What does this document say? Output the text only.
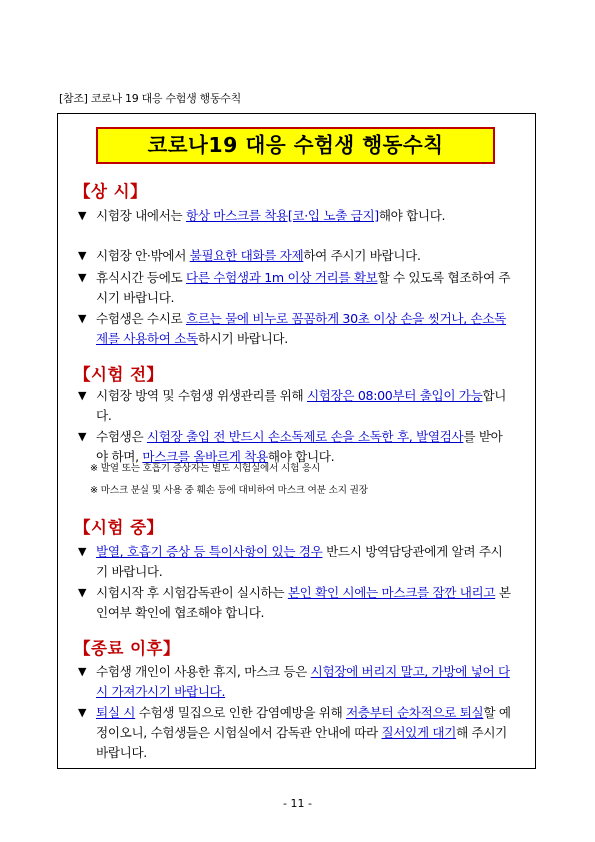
[참조] 코로나 19 대응 수험생 행동수칙
코로나19 대응 수험생 행동수칙
【상 시】
▼ 시험장 내에서는 항상 마스크를 착용[코·입 노출 금지]해야 합니다.
▼ 시험장 안·밖에서 불필요한 대화를 자제하여 주시기 바랍니다.
▼ 휴식시간 등에도 다른 수험생과 1m 이상 거리를 확보할 수 있도록 협조하여 주시기 바랍니다.
▼ 수험생은 수시로 흐르는 물에 비누로 꼼꼼하게 30초 이상 손을 씻거나, 손소독제를 사용하여 소독하시기 바랍니다.
【시험 전】
▼ 시험장 방역 및 수험생 위생관리를 위해 시험장은 08:00부터 출입이 가능합니다.
▼ 수험생은 시험장 출입 전 반드시 손소독제로 손을 소독한 후, 발열검사를 받아야 하며, 마스크를 올바르게 착용해야 합니다.
※ 발열 또는 호흡기 증상자는 별도 시험실에서 시험 응시
※ 마스크 분실 및 사용 중 훼손 등에 대비하여 마스크 여분 소지 권장
【시험 중】
▼ 발열, 호흡기 증상 등 특이사항이 있는 경우 반드시 방역담당관에게 알려 주시기 바랍니다.
▼ 시험시작 후 시험감독관이 실시하는 본인 확인 시에는 마스크를 잠깐 내리고 본인여부 확인에 협조해야 합니다.
【종료 이후】
▼ 수험생 개인이 사용한 휴지, 마스크 등은 시험장에 버리지 말고, 가방에 넣어 다시 가져가시기 바랍니다.
▼ 퇴실 시 수험생 밀집으로 인한 감염예방을 위해 저층부터 순차적으로 퇴실할 예정이오니, 수험생들은 시험실에서 감독관 안내에 따라 질서있게 대기해 주시기 바랍니다.
- 11 -
